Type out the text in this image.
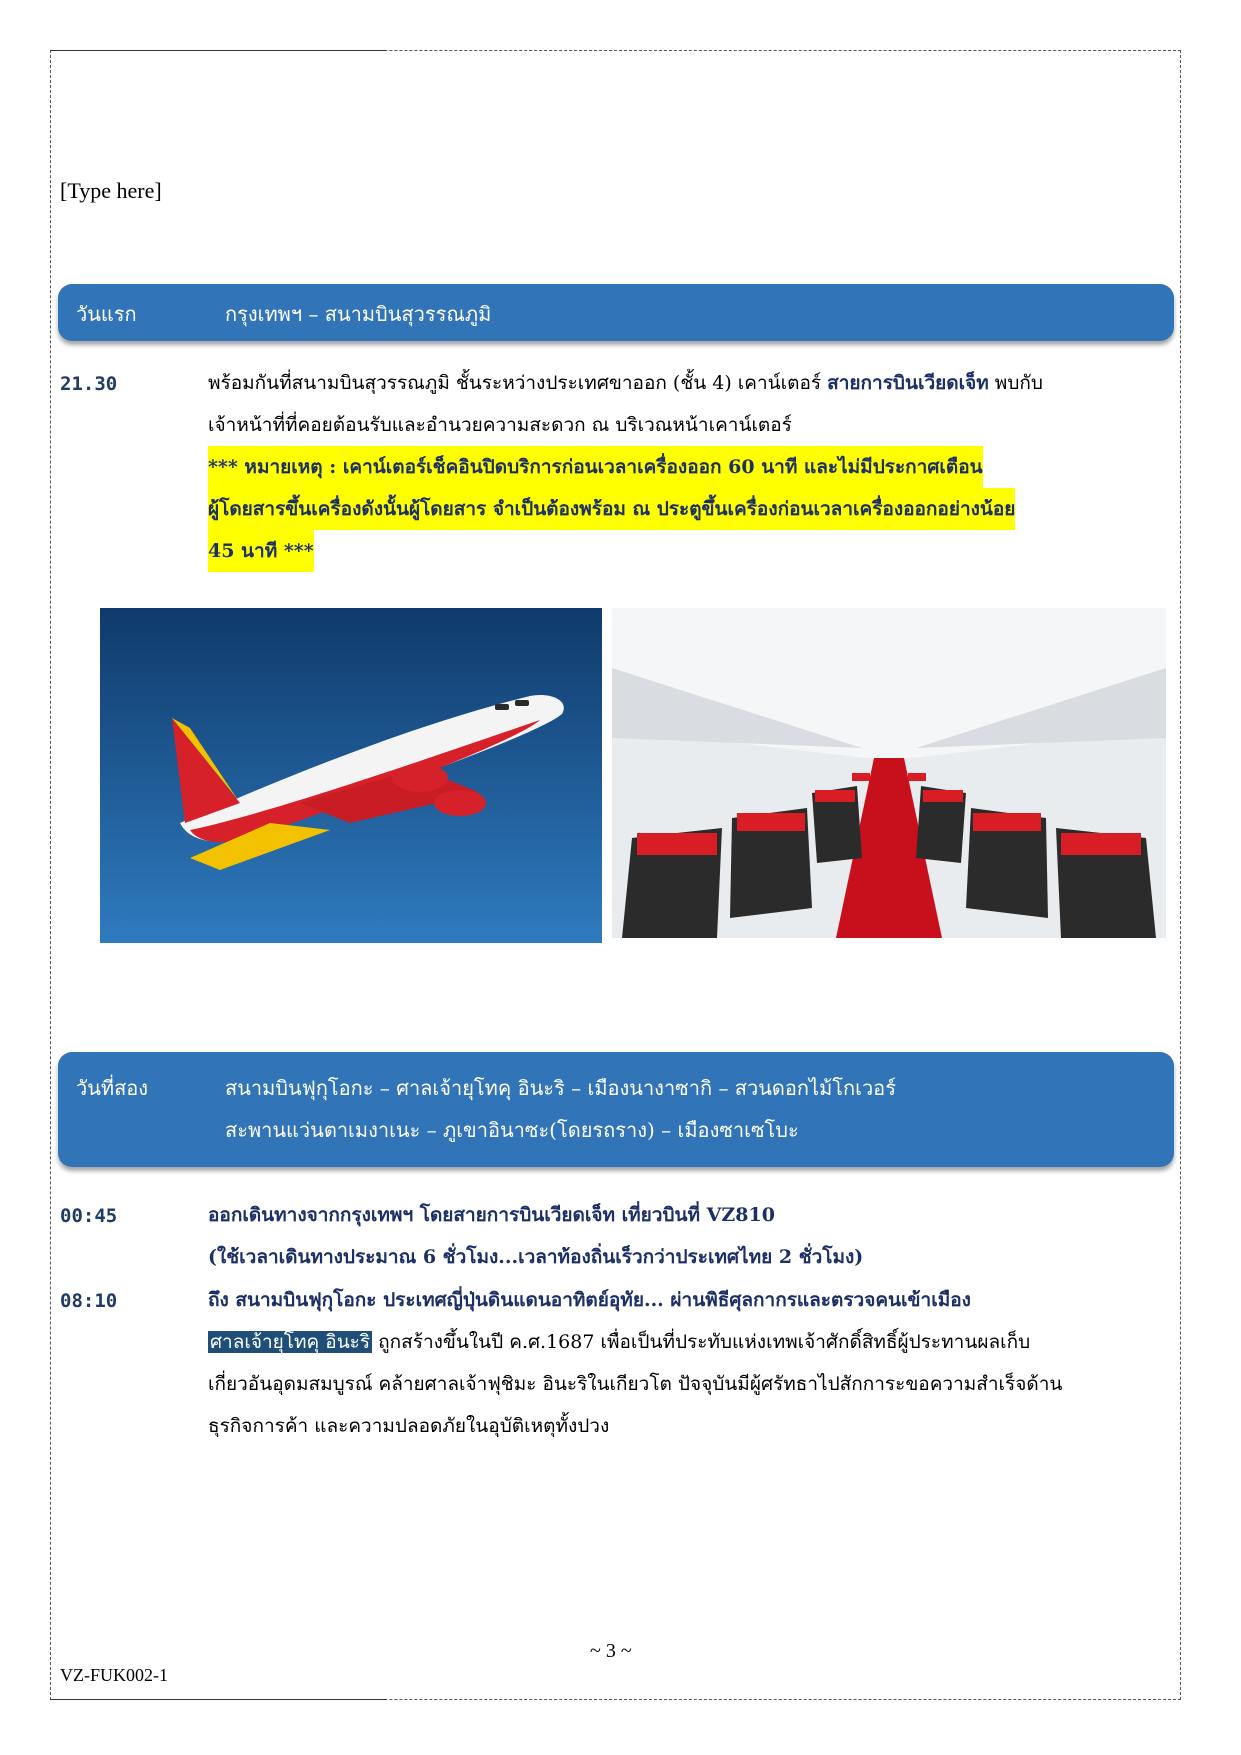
[Type here]
วันแรก	กรุงเทพฯ – สนามบินสุวรรณภูมิ
21.30	พร้อมกันที่สนามบินสุวรรณภูมิ ชั้นระหว่างประเทศขาออก (ชั้น 4) เคาน์เตอร์ สายการบินเวียดเจ็ท พบกับ
เจ้าหน้าที่ที่คอยต้อนรับและอำนวยความสะดวก ณ บริเวณหน้าเคาน์เตอร์
*** หมายเหตุ : เคาน์เตอร์เช็คอินปิดบริการก่อนเวลาเครื่องออก 60 นาที และไม่มีประกาศเตือน
ผู้โดยสารขึ้นเครื่องดังนั้นผู้โดยสาร จำเป็นต้องพร้อม ณ ประตูขึ้นเครื่องก่อนเวลาเครื่องออกอย่างน้อย
45 นาที ***
วันที่สอง	สนามบินฟุกุโอกะ – ศาลเจ้ายุโทคุ อินะริ – เมืองนางาซากิ – สวนดอกไม้โกเวอร์
สะพานแว่นตาเมงาเนะ – ภูเขาอินาซะ(โดยรถราง) – เมืองซาเซโบะ
00:45	ออกเดินทางจากกรุงเทพฯ โดยสายการบินเวียดเจ็ท เที่ยวบินที่ VZ810
(ใช้เวลาเดินทางประมาณ 6 ชั่วโมง...เวลาท้องถิ่นเร็วกว่าประเทศไทย 2 ชั่วโมง)
08:10	ถึง สนามบินฟุกุโอกะ ประเทศญี่ปุ่นดินแดนอาทิตย์อุทัย... ผ่านพิธีศุลกากรและตรวจคนเข้าเมือง
ศาลเจ้ายุโทคุ อินะริ ถูกสร้างขึ้นในปี ค.ศ.1687 เพื่อเป็นที่ประทับแห่งเทพเจ้าศักดิ์สิทธิ์ผู้ประทานผลเก็บ
เกี่ยวอันอุดมสมบูรณ์ คล้ายศาลเจ้าฟุชิมะ อินะริในเกียวโต ปัจจุบันมีผู้ศรัทธาไปสักการะขอความสำเร็จด้าน
ธุรกิจการค้า และความปลอดภัยในอุบัติเหตุทั้งปวง
~ 3 ~
VZ-FUK002-1
